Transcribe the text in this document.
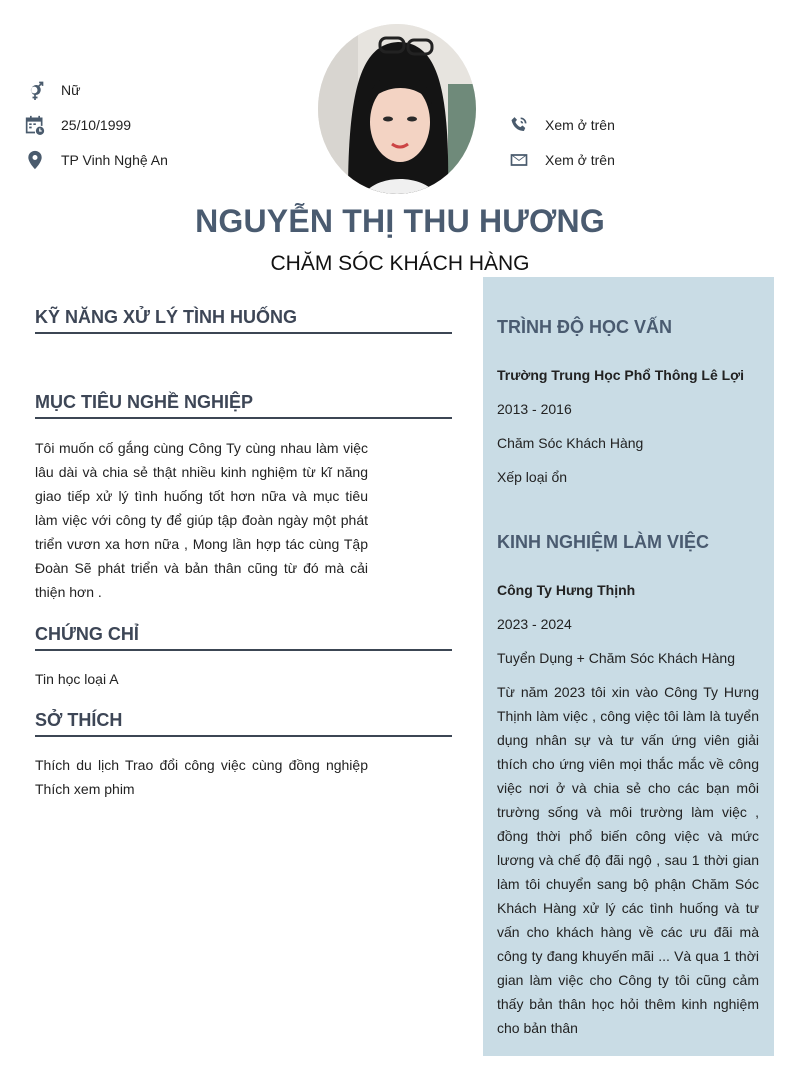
Nữ
25/10/1999
TP Vinh Nghệ An
Xem ở trên
Xem ở trên
NGUYỄN THỊ THU HƯƠNG
CHĂM SÓC KHÁCH HÀNG
KỸ NĂNG XỬ LÝ TÌNH HUỐNG
MỤC TIÊU NGHỀ NGHIỆP

Tôi muốn cố gắng cùng Công Ty cùng nhau làm việc lâu dài và chia sẻ thật nhiều kinh nghiệm từ kĩ năng giao tiếp xử lý tình huống tốt hơn nữa và mục tiêu làm việc với công ty để giúp tập đoàn ngày một phát triển vươn xa hơn nữa , Mong lần hợp tác cùng Tập Đoàn Sẽ phát triển và bản thân cũng từ đó mà cải thiện hơn .

CHỨNG CHỈ

Tin học loại A

SỞ THÍCH

Thích du lịch Trao đổi công việc cùng đồng nghiệp Thích xem phim

TRÌNH ĐỘ HỌC VẤN
Trường Trung Học Phổ Thông Lê Lợi
2013 - 2016
Chăm Sóc Khách Hàng
Xếp loại ổn
KINH NGHIỆM LÀM VIỆC
Công Ty Hưng Thịnh
2023 - 2024
Tuyển Dụng + Chăm Sóc Khách Hàng

Từ năm 2023 tôi xin vào Công Ty Hưng Thịnh làm việc , công việc tôi làm là tuyển dụng nhân sự và tư vấn ứng viên giải thích cho ứng viên mọi thắc mắc về công việc nơi ở và chia sẻ cho các bạn môi trường sống và môi trường làm việc , đồng thời phổ biến công việc và mức lương và chế độ đãi ngộ , sau 1 thời gian làm tôi chuyển sang bộ phận Chăm Sóc Khách Hàng xử lý các tình huống và tư vấn cho khách hàng về các ưu đãi mà công ty đang khuyến mãi ... Và qua 1 thời gian làm việc cho Công ty tôi cũng cảm thấy bản thân học hỏi thêm kinh nghiệm cho bản thân
